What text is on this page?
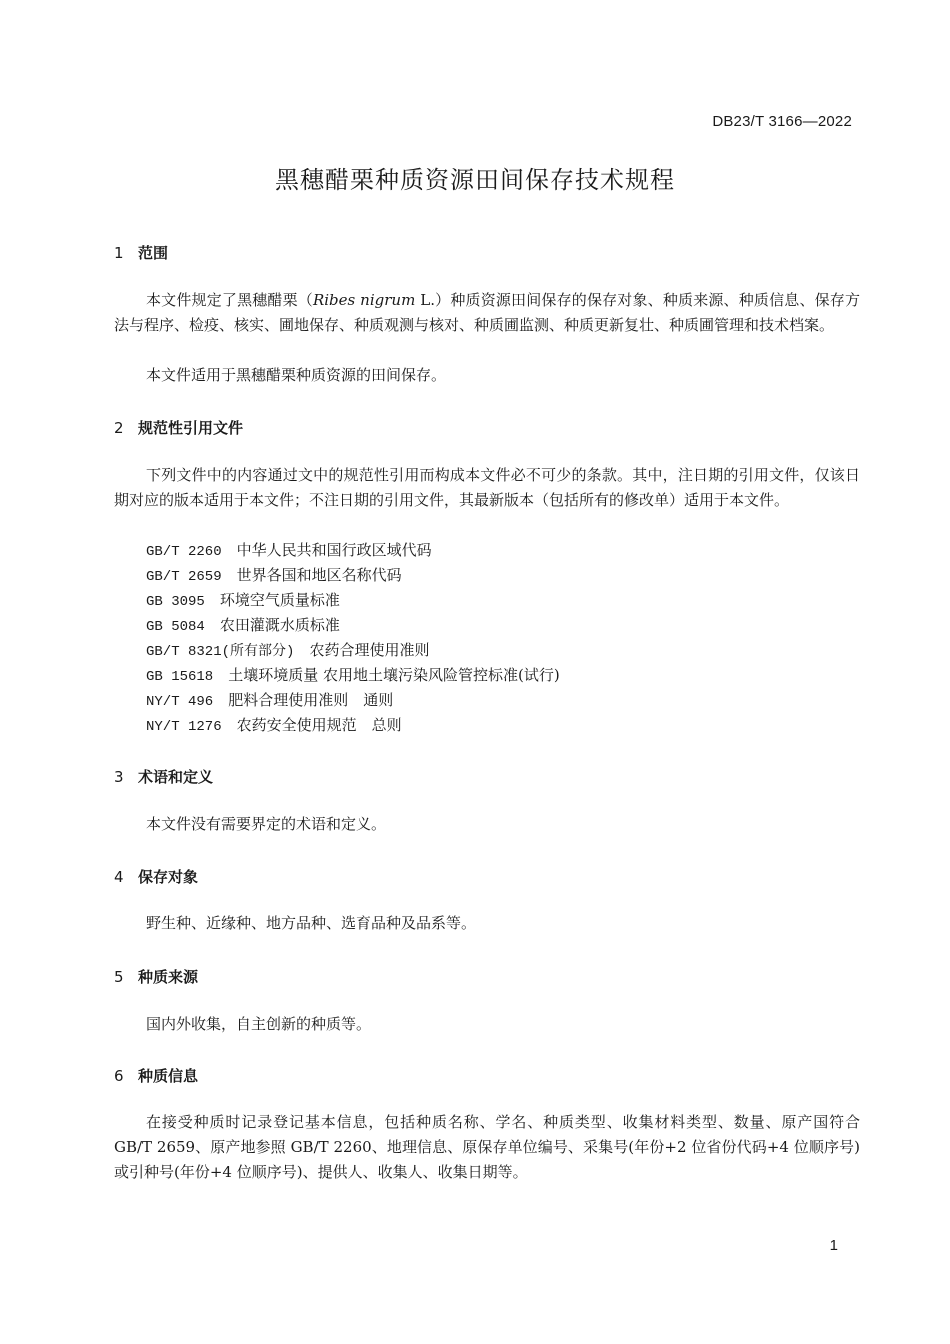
DB23/T 3166—2022
黑穗醋栗种质资源田间保存技术规程
1 范围
本文件规定了黑穗醋栗（Ribes nigrum L.）种质资源田间保存的保存对象、种质来源、种质信息、保存方法与程序、检疫、核实、圃地保存、种质观测与核对、种质圃监测、种质更新复壮、种质圃管理和技术档案。
本文件适用于黑穗醋栗种质资源的田间保存。
2 规范性引用文件
下列文件中的内容通过文中的规范性引用而构成本文件必不可少的条款。其中，注日期的引用文件，仅该日期对应的版本适用于本文件；不注日期的引用文件，其最新版本（包括所有的修改单）适用于本文件。
GB/T 2260　 中华人民共和国行政区域代码
GB/T 2659　 世界各国和地区名称代码
GB 3095　 环境空气质量标准
GB 5084　 农田灌溉水质标准
GB/T 8321(所有部分)　 农药合理使用准则
GB 15618　 土壤环境质量 农用地土壤污染风险管控标准(试行)
NY/T 496　 肥料合理使用准则　通则
NY/T 1276　 农药安全使用规范　总则
3 术语和定义
本文件没有需要界定的术语和定义。
4 保存对象
野生种、近缘种、地方品种、选育品种及品系等。
5 种质来源
国内外收集，自主创新的种质等。
6 种质信息
在接受种质时记录登记基本信息，包括种质名称、学名、种质类型、收集材料类型、数量、原产国符合 GB/T 2659、原产地参照 GB/T 2260、地理信息、原保存单位编号、采集号(年份+2 位省份代码+4 位顺序号)或引种号(年份+4 位顺序号)、提供人、收集人、收集日期等。
1
